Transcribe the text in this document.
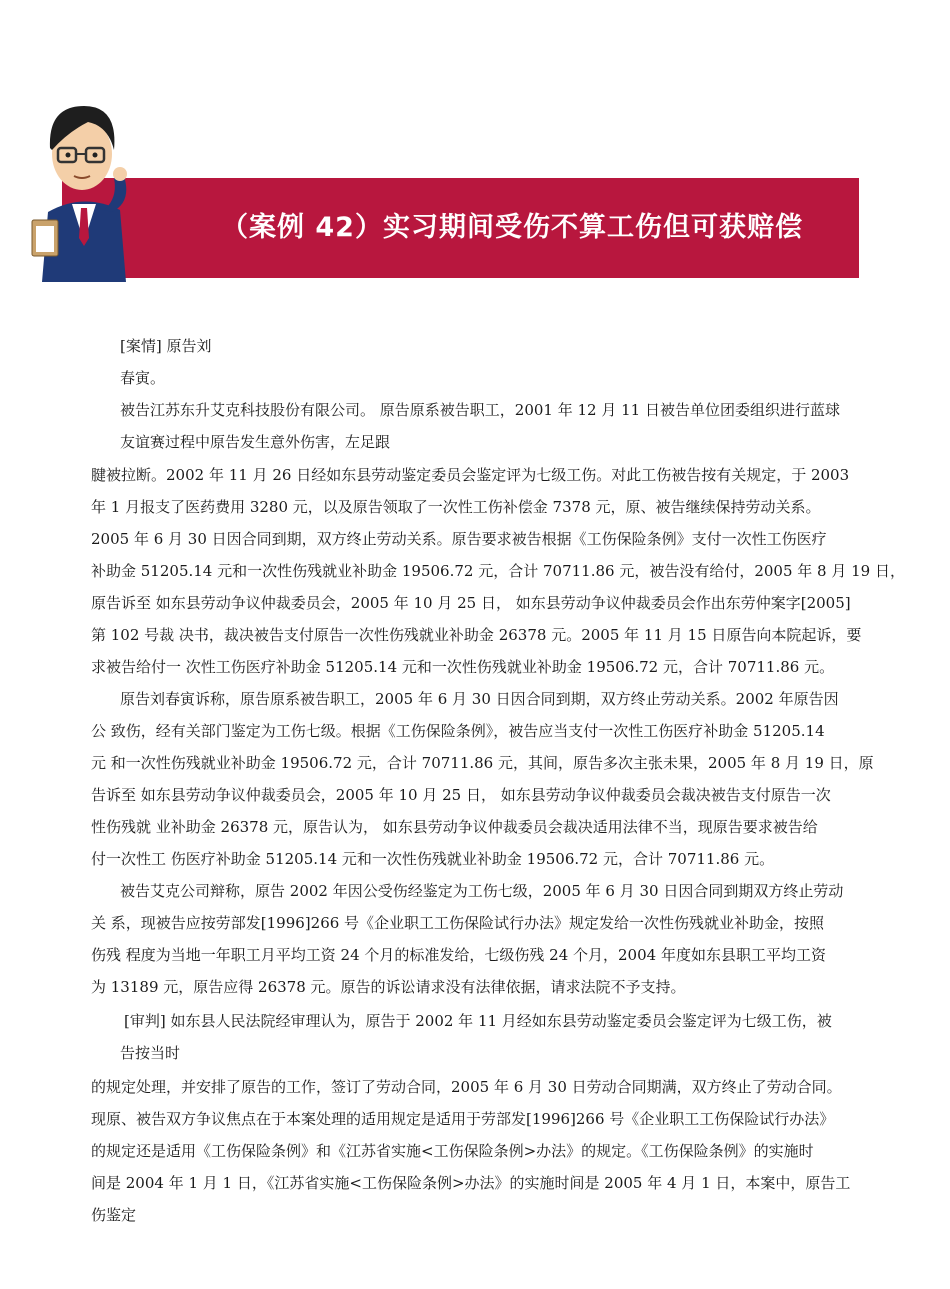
（案例 42）实习期间受伤不算工伤但可获赔偿
[案情] 原告刘
春寅。
被告江苏东升艾克科技股份有限公司。 原告原系被告职工，2001 年 12 月 11 日被告单位团委组织进行蓝球
友谊赛过程中原告发生意外伤害，左足跟
腱被拉断。2002 年 11 月 26 日经如东县劳动鉴定委员会鉴定评为七级工伤。对此工伤被告按有关规定，于 2003
年 1 月报支了医药费用 3280 元，以及原告领取了一次性工伤补偿金 7378 元，原、被告继续保持劳动关系。
2005 年 6 月 30 日因合同到期，双方终止劳动关系。原告要求被告根据《工伤保险条例》支付一次性工伤医疗
补助金 51205.14 元和一次性伤残就业补助金 19506.72 元，合计 70711.86 元，被告没有给付，2005 年 8 月 19 日，
原告诉至 如东县劳动争议仲裁委员会，2005 年 10 月 25 日， 如东县劳动争议仲裁委员会作出东劳仲案字[2005]
第 102 号裁 决书，裁决被告支付原告一次性伤残就业补助金 26378 元。2005 年 11 月 15 日原告向本院起诉，要
求被告给付一 次性工伤医疗补助金 51205.14 元和一次性伤残就业补助金 19506.72 元，合计 70711.86 元。
原告刘春寅诉称，原告原系被告职工，2005 年 6 月 30 日因合同到期，双方终止劳动关系。2002 年原告因
公 致伤，经有关部门鉴定为工伤七级。根据《工伤保险条例》，被告应当支付一次性工伤医疗补助金 51205.14
元 和一次性伤残就业补助金 19506.72 元，合计 70711.86 元，其间，原告多次主张未果，2005 年 8 月 19 日，原
告诉至 如东县劳动争议仲裁委员会，2005 年 10 月 25 日， 如东县劳动争议仲裁委员会裁决被告支付原告一次
性伤残就 业补助金 26378 元，原告认为， 如东县劳动争议仲裁委员会裁决适用法律不当，现原告要求被告给
付一次性工 伤医疗补助金 51205.14 元和一次性伤残就业补助金 19506.72 元，合计 70711.86 元。
被告艾克公司辩称，原告 2002 年因公受伤经鉴定为工伤七级，2005 年 6 月 30 日因合同到期双方终止劳动
关 系，现被告应按劳部发[1996]266 号《企业职工工伤保险试行办法》规定发给一次性伤残就业补助金，按照
伤残 程度为当地一年职工月平均工资 24 个月的标准发给，七级伤残 24 个月，2004 年度如东县职工平均工资
为 13189 元，原告应得 26378 元。原告的诉讼请求没有法律依据，请求法院不予支持。
[审判] 如东县人民法院经审理认为，原告于 2002 年 11 月经如东县劳动鉴定委员会鉴定评为七级工伤，被
告按当时
的规定处理，并安排了原告的工作，签订了劳动合同，2005 年 6 月 30 日劳动合同期满，双方终止了劳动合同。
现原、被告双方争议焦点在于本案处理的适用规定是适用于劳部发[1996]266 号《企业职工工伤保险试行办法》
的规定还是适用《工伤保险条例》和《江苏省实施<工伤保险条例>办法》的规定。《工伤保险条例》的实施时
间是 2004 年 1 月 1 日，《江苏省实施<工伤保险条例>办法》的实施时间是 2005 年 4 月 1 日，本案中，原告工
伤鉴定
